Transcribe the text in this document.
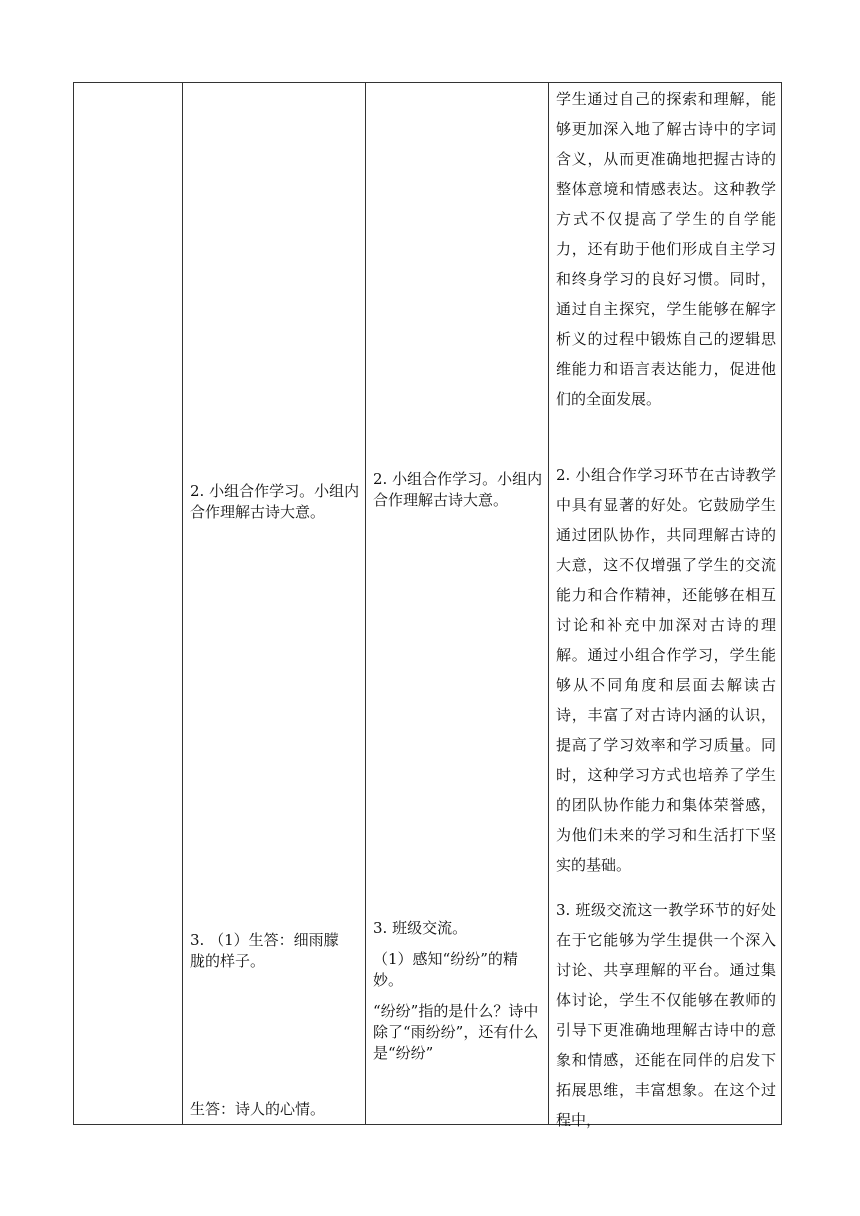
2. 小组合作学习。小组内合作理解古诗大意。
3. （1）生答：细雨朦胧的样子。
生答：诗人的心情。
2. 小组合作学习。小组内合作理解古诗大意。

3. 班级交流。

（1）感知“纷纷”的精妙。

“纷纷”指的是什么？诗中除了“雨纷纷”，还有什么是“纷纷”

学生通过自己的探索和理解，能够更加深入地了解古诗中的字词含义，从而更准确地把握古诗的整体意境和情感表达。这种教学方式不仅提高了学生的自学能力，还有助于他们形成自主学习和终身学习的良好习惯。同时，通过自主探究，学生能够在解字析义的过程中锻炼自己的逻辑思维能力和语言表达能力，促进他们的全面发展。
2. 小组合作学习环节在古诗教学中具有显著的好处。它鼓励学生通过团队协作，共同理解古诗的大意，这不仅增强了学生的交流能力和合作精神，还能够在相互讨论和补充中加深对古诗的理解。通过小组合作学习，学生能够从不同角度和层面去解读古诗，丰富了对古诗内涵的认识，提高了学习效率和学习质量。同时，这种学习方式也培养了学生的团队协作能力和集体荣誉感，为他们未来的学习和生活打下坚实的基础。
3. 班级交流这一教学环节的好处在于它能够为学生提供一个深入讨论、共享理解的平台。通过集体讨论，学生不仅能够在教师的引导下更准确地理解古诗中的意象和情感，还能在同伴的启发下拓展思维，丰富想象。在这个过程中，
